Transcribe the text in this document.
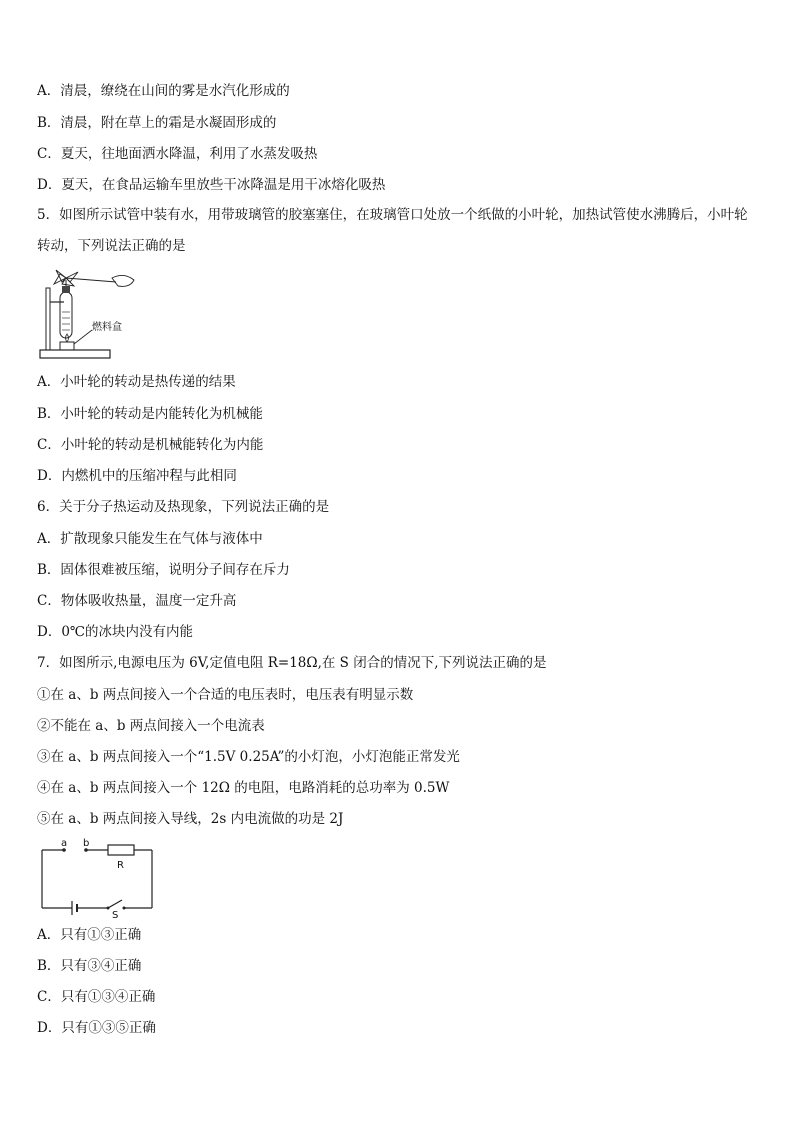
A．清晨，缭绕在山间的雾是水汽化形成的
B．清晨，附在草上的霜是水凝固形成的
C．夏天，往地面洒水降温，利用了水蒸发吸热
D．夏天，在食品运输车里放些干冰降温是用干冰熔化吸热
5．如图所示试管中装有水，用带玻璃管的胶塞塞住，在玻璃管口处放一个纸做的小叶轮，加热试管使水沸腾后，小叶轮转动，下列说法正确的是
燃料盒
A．小叶轮的转动是热传递的结果
B．小叶轮的转动是内能转化为机械能
C．小叶轮的转动是机械能转化为内能
D．内燃机中的压缩冲程与此相同
6．关于分子热运动及热现象，下列说法正确的是
A．扩散现象只能发生在气体与液体中
B．固体很难被压缩，说明分子间存在斥力
C．物体吸收热量，温度一定升高
D．0℃的冰块内没有内能
7．如图所示,电源电压为 6V,定值电阻 R=18Ω,在 S 闭合的情况下,下列说法正确的是
①在 a、b 两点间接入一个合适的电压表时，电压表有明显示数
②不能在 a、b 两点间接入一个电流表
③在 a、b 两点间接入一个“1.5V 0.25A”的小灯泡，小灯泡能正常发光
④在 a、b 两点间接入一个 12Ω 的电阻，电路消耗的总功率为 0.5W
⑤在 a、b 两点间接入导线，2s 内电流做的功是 2J
a b
R
S
A．只有①③正确
B．只有③④正确
C．只有①③④正确
D．只有①③⑤正确
